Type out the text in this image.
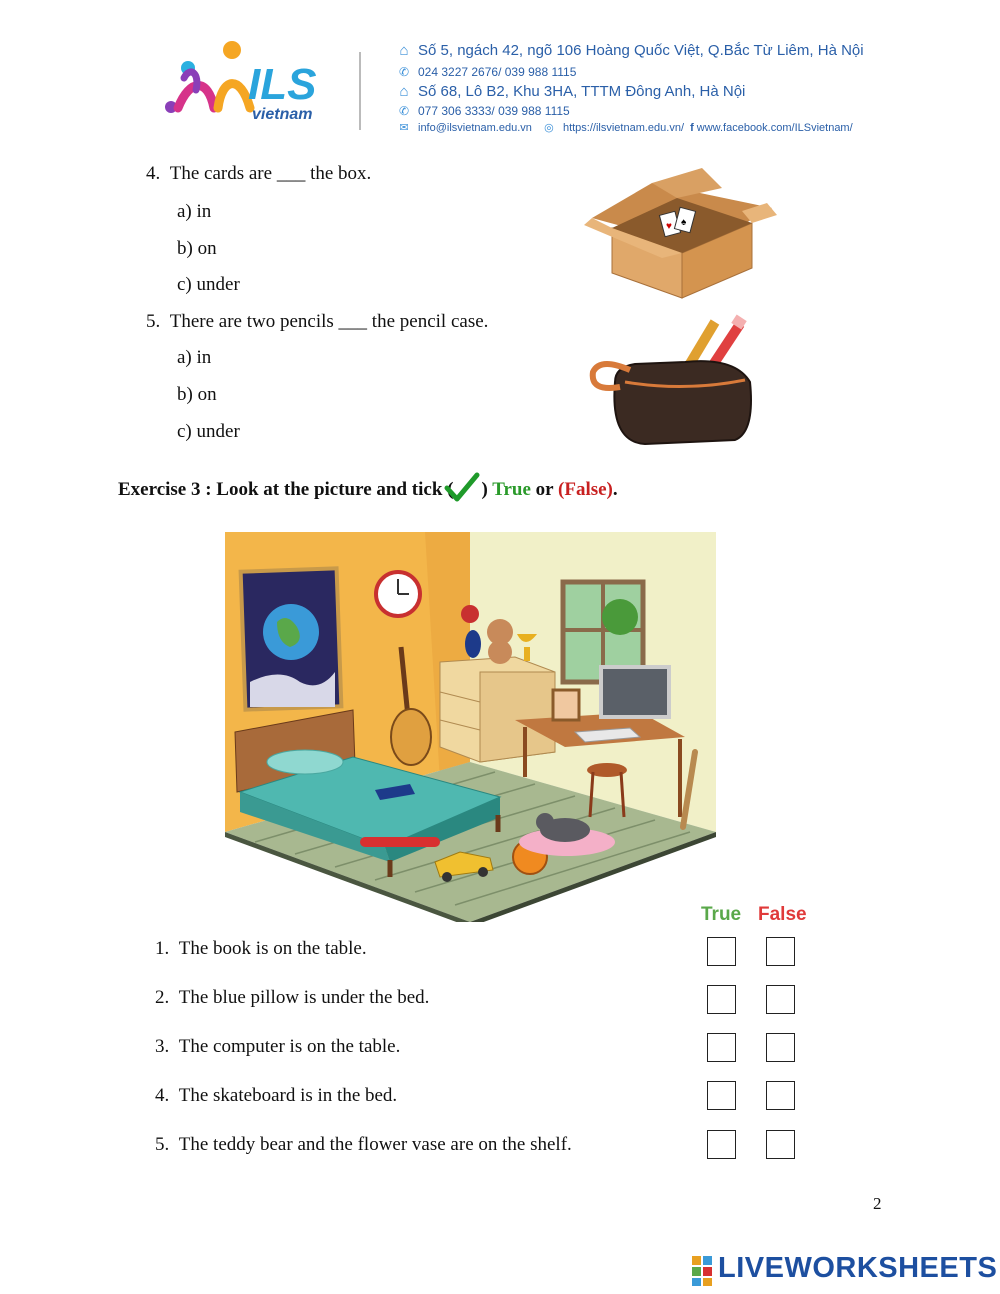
ILS
vietnam
⌂ Số 5, ngách 42, ngõ 106 Hoàng Quốc Việt, Q.Bắc Từ Liêm, Hà Nội
✆ 024 3227 2676/ 039 988 1115
⌂ Số 68, Lô B2, Khu 3HA, TTTM Đông Anh, Hà Nội
✆ 077 306 3333/ 039 988 1115
✉ info@ilsvietnam.edu.vn ◎ https://ilsvietnam.edu.vn/ f www.facebook.com/ILSvietnam/
4. The cards are ___ the box.
a) in
b) on
c) under
5. There are two pencils ___ the pencil case.
a) in
b) on
c) under
♥ ♠
Exercise 3 : Look at the picture and tick ( ) True or (False).
True False
1. The book is on the table.
2. The blue pillow is under the bed.
3. The computer is on the table.
4. The skateboard is in the bed.
5. The teddy bear and the flower vase are on the shelf.
2
LIVEWORKSHEETS
